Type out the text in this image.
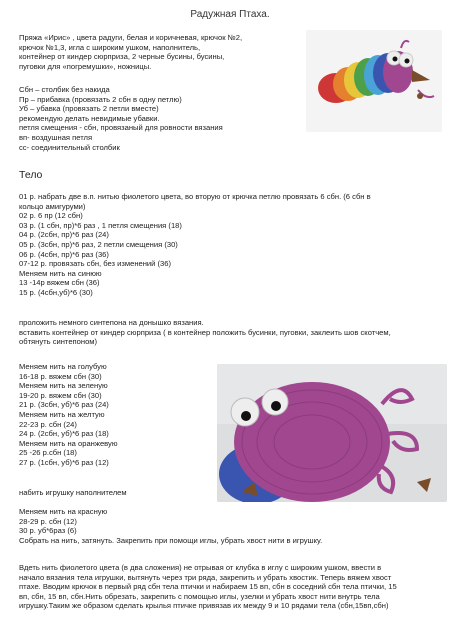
Радужная Птаха.
Пряжа «Ирис» , цвета радуги, белая и коричневая, крючок №2,
крючок №1,3, игла с широким ушком, наполнитель,
контейнер от киндер сюрприза, 2 черные бусины, бусины,
пуговки для «погремушки», ножницы.
Сбн – столбик без накида
Пр – прибавка (провязать 2 сбн в одну петлю)
Уб – убавка (провязать 2 петли вместе)
рекомендую делать невидимые убавки.
петля смещения - сбн, провязаный для ровности вязания
вп- воздушная петля
сс- соединительный столбик
Тело
01 р. набрать две в.п. нитью фиолетого цвета, во вторую от крючка петлю провязать 6 сбн. (6 сбн в
кольцо амигуруми)
02 р. 6 пр (12 сбн)
03 р. (1 сбн, пр)*6 раз , 1 петля смещения (18)
04 р. (2сбн, пр)*6 раз (24)
05 р. (3сбн, пр)*6 раз, 2 петли смещения (30)
06 р. (4сбн, пр)*6 раз (36)
07-12 р. провязать сбн, без изменений (36)
Меняем нить на синюю
13 -14р вяжем сбн (36)
15 р. (4сбн,уб)*6 (30)
проложить немного синтепона на донышко вязания.
вставить контейнер от киндер сюрприза ( в контейнер положить бусинки, пуговки, заклеить шов скотчем,
обтянуть синтепоном)
Меняем нить на голубую
16-18 р. вяжем сбн (30)
Меняем нить на зеленую
19-20 р. вяжем сбн (30)
21 р. (3сбн, уб)*6 раз (24)
Меняем нить на желтую
22-23 р. сбн (24)
24 р. (2сбн, уб)*6 раз (18)
Меняем нить на оранжевую
25 -26 р.сбн (18)
27 р. (1сбн, уб)*6 раз (12)
набить игрушку наполнителем
Меняем нить на красную
28-29 р. сбн (12)
30 р. уб*6раз (6)
Собрать на нить, затянуть. Закрепить при помощи иглы, убрать хвост нити в игрушку.
Вдеть нить фиолетого цвета (в два сложения) не отрывая от клубка в иглу с широким ушком, ввести в
начало вязания тела игрушки, вытянуть через три ряда, закрепить и убрать хвостик. Теперь вяжем хвост
птахе. Вводим крючок в первый ряд сбн тела птички и набираем 15 вп, сбн в соседний сбн тела птички, 15
вп, сбн, 15 вп, сбн.Нить обрезать, закрепить с помощью иглы, узелки и убрать хвост нити внутрь тела
игрушку.Таким же образом сделать крылья птичке привязав их между 9 и 10 рядами тела (сбн,15вп,сбн)
